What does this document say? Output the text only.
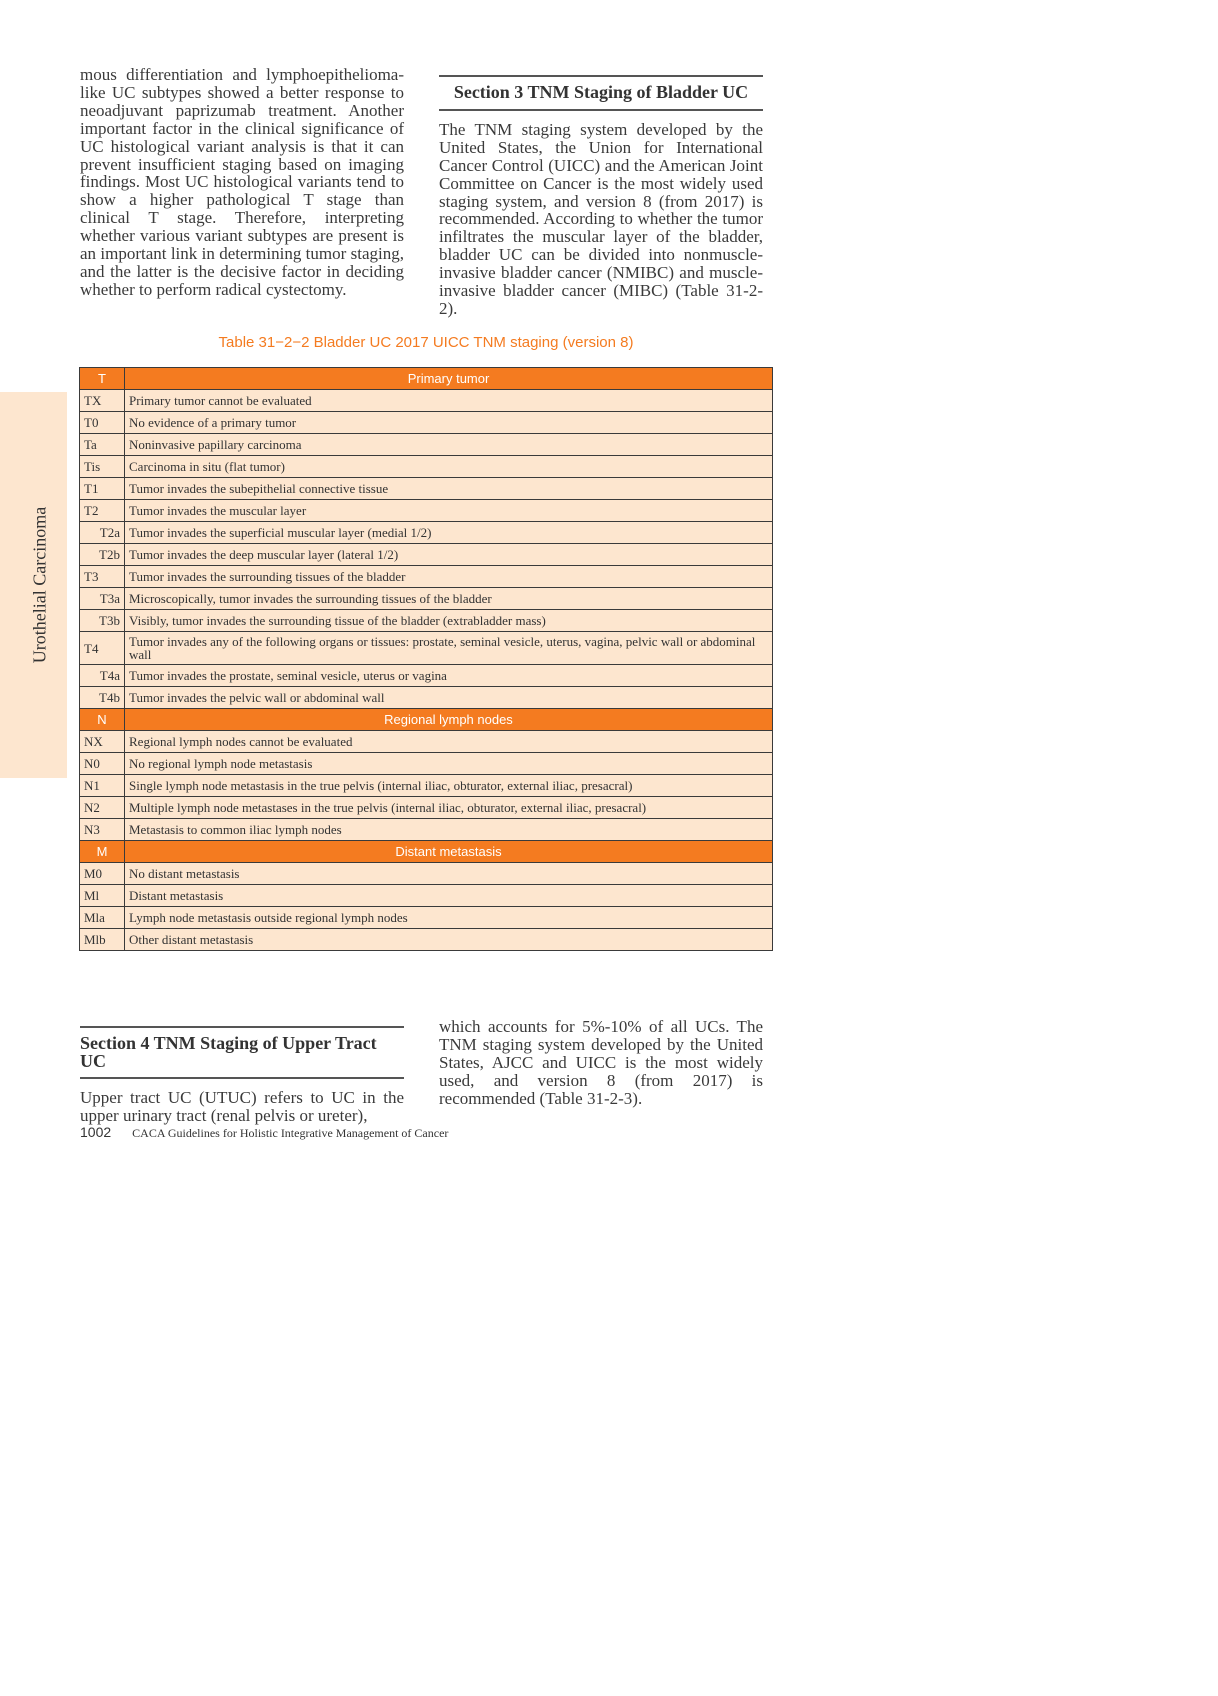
Urothelial Carcinoma

mous differentiation and lymphoepithelioma-like UC subtypes showed a better response to neoadjuvant paprizumab treatment. Another important factor in the clinical significance of UC histological variant analysis is that it can prevent insufficient staging based on imaging findings. Most UC histological variants tend to show a higher pathological T stage than clinical T stage. Therefore, interpreting whether various variant subtypes are present is an important link in determining tumor staging, and the latter is the decisive factor in deciding whether to perform radical cystectomy.

Section 3 TNM Staging of Bladder UC

The TNM staging system developed by the United States, the Union for International Cancer Control (UICC) and the American Joint Committee on Cancer is the most widely used staging system, and version 8 (from 2017) is recommended. According to whether the tumor infiltrates the muscular layer of the bladder, bladder UC can be divided into nonmuscle-invasive bladder cancer (NMIBC) and muscle-invasive bladder cancer (MIBC) (Table 31-2-2).

Table 31−2−2 Bladder UC 2017 UICC TNM staging (version 8)
T	Primary tumor
TX	Primary tumor cannot be evaluated
T0	No evidence of a primary tumor
Ta	Noninvasive papillary carcinoma
Tis	Carcinoma in situ (flat tumor)
T1	Tumor invades the subepithelial connective tissue
T2	Tumor invades the muscular layer
T2a	Tumor invades the superficial muscular layer (medial 1/2)
T2b	Tumor invades the deep muscular layer (lateral 1/2)
T3	Tumor invades the surrounding tissues of the bladder
T3a	Microscopically, tumor invades the surrounding tissues of the bladder
T3b	Visibly, tumor invades the surrounding tissue of the bladder (extrabladder mass)
T4	Tumor invades any of the following organs or tissues: prostate, seminal vesicle, uterus, vagina, pelvic wall or abdominal wall
T4a	Tumor invades the prostate, seminal vesicle, uterus or vagina
T4b	Tumor invades the pelvic wall or abdominal wall
N	Regional lymph nodes
NX	Regional lymph nodes cannot be evaluated
N0	No regional lymph node metastasis
N1	Single lymph node metastasis in the true pelvis (internal iliac, obturator, external iliac, presacral)
N2	Multiple lymph node metastases in the true pelvis (internal iliac, obturator, external iliac, presacral)
N3	Metastasis to common iliac lymph nodes
M	Distant metastasis
M0	No distant metastasis
Ml	Distant metastasis
Mla	Lymph node metastasis outside regional lymph nodes
Mlb	Other distant metastasis
Section 4 TNM Staging of Upper Tract UC

Upper tract UC (UTUC) refers to UC in the upper urinary tract (renal pelvis or ureter),

which accounts for 5%-10% of all UCs. The TNM staging system developed by the United States, AJCC and UICC is the most widely used, and version 8 (from 2017) is recommended (Table 31-2-3).

1002 CACA Guidelines for Holistic Integrative Management of Cancer
